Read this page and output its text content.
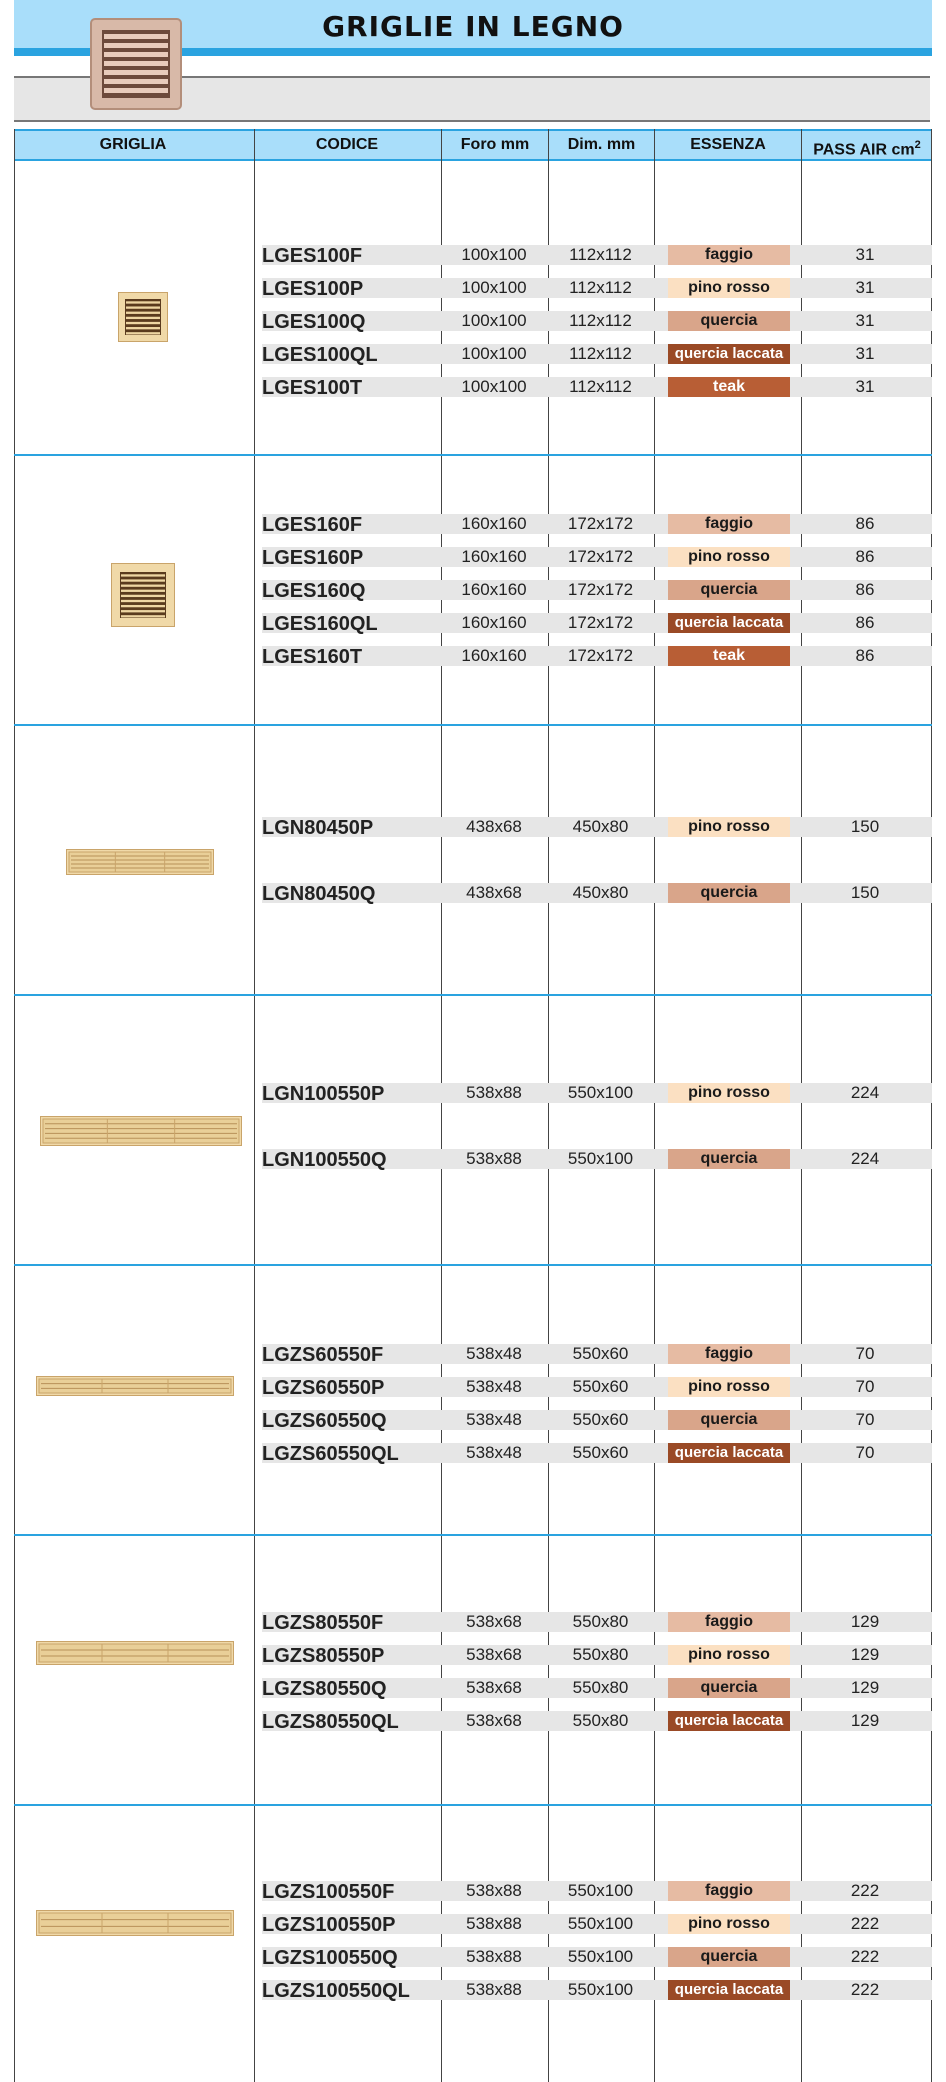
GRIGLIE IN LEGNO
GRIGLIA	CODICE	Foro mm	Dim. mm	ESSENZA	PASS AIR $cm^2$
LGES100F	100x100	112x112	faggio	31
LGES100P	100x100	112x112	pino rosso	31
LGES100Q	100x100	112x112	quercia	31
LGES100QL	100x100	112x112	quercia laccata	31
LGES100T	100x100	112x112	teak	31
LGES160F	160x160	172x172	faggio	86
LGES160P	160x160	172x172	pino rosso	86
LGES160Q	160x160	172x172	quercia	86
LGES160QL	160x160	172x172	quercia laccata	86
LGES160T	160x160	172x172	teak	86
LGN80450P	438x68	450x80	pino rosso	150
LGN80450Q	438x68	450x80	quercia	150
LGN100550P	538x88	550x100	pino rosso	224
LGN100550Q	538x88	550x100	quercia	224
LGZS60550F	538x48	550x60	faggio	70
LGZS60550P	538x48	550x60	pino rosso	70
LGZS60550Q	538x48	550x60	quercia	70
LGZS60550QL	538x48	550x60	quercia laccata	70
LGZS80550F	538x68	550x80	faggio	129
LGZS80550P	538x68	550x80	pino rosso	129
LGZS80550Q	538x68	550x80	quercia	129
LGZS80550QL	538x68	550x80	quercia laccata	129
LGZS100550F	538x88	550x100	faggio	222
LGZS100550P	538x88	550x100	pino rosso	222
LGZS100550Q	538x88	550x100	quercia	222
LGZS100550QL	538x88	550x100	quercia laccata	222
